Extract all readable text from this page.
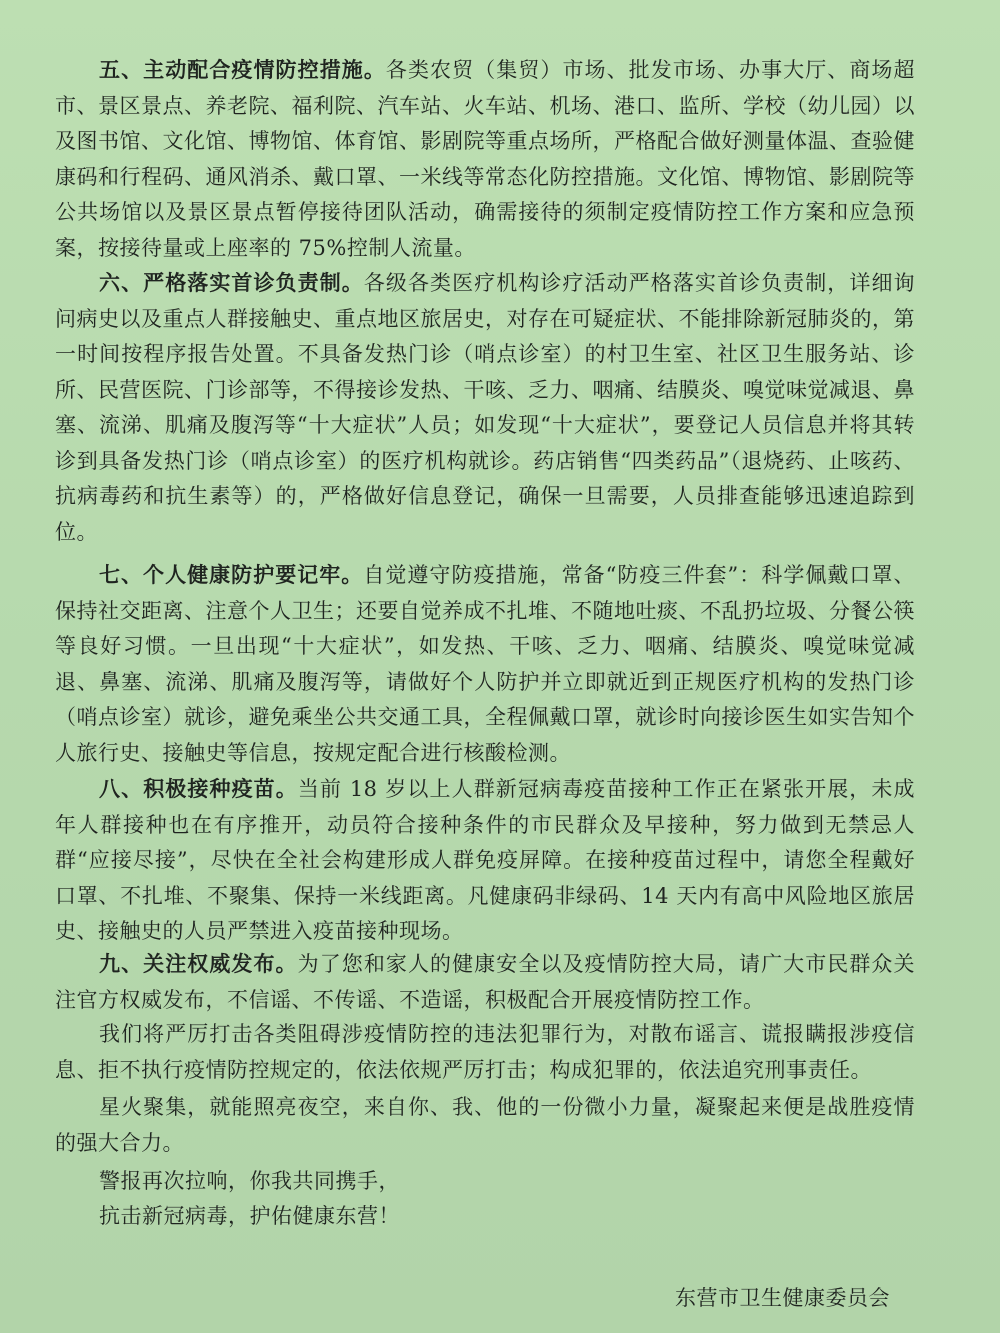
五、主动配合疫情防控措施。各类农贸（集贸）市场、批发市场、办事大厅、商场超市、景区景点、养老院、福利院、汽车站、火车站、机场、港口、监所、学校（幼儿园）以及图书馆、文化馆、博物馆、体育馆、影剧院等重点场所，严格配合做好测量体温、查验健康码和行程码、通风消杀、戴口罩、一米线等常态化防控措施。文化馆、博物馆、影剧院等公共场馆以及景区景点暂停接待团队活动，确需接待的须制定疫情防控工作方案和应急预案，按接待量或上座率的 75%控制人流量。

六、严格落实首诊负责制。各级各类医疗机构诊疗活动严格落实首诊负责制，详细询问病史以及重点人群接触史、重点地区旅居史，对存在可疑症状、不能排除新冠肺炎的，第一时间按程序报告处置。不具备发热门诊（哨点诊室）的村卫生室、社区卫生服务站、诊所、民营医院、门诊部等，不得接诊发热、干咳、乏力、咽痛、结膜炎、嗅觉味觉减退、鼻塞、流涕、肌痛及腹泻等“十大症状”人员；如发现“十大症状”，要登记人员信息并将其转诊到具备发热门诊（哨点诊室）的医疗机构就诊。药店销售“四类药品”（退烧药、止咳药、抗病毒药和抗生素等）的，严格做好信息登记，确保一旦需要，人员排查能够迅速追踪到位。

七、个人健康防护要记牢。自觉遵守防疫措施，常备“防疫三件套”：科学佩戴口罩、保持社交距离、注意个人卫生；还要自觉养成不扎堆、不随地吐痰、不乱扔垃圾、分餐公筷等良好习惯。一旦出现“十大症状”，如发热、干咳、乏力、咽痛、结膜炎、嗅觉味觉减退、鼻塞、流涕、肌痛及腹泻等，请做好个人防护并立即就近到正规医疗机构的发热门诊（哨点诊室）就诊，避免乘坐公共交通工具，全程佩戴口罩，就诊时向接诊医生如实告知个人旅行史、接触史等信息，按规定配合进行核酸检测。

八、积极接种疫苗。当前 18 岁以上人群新冠病毒疫苗接种工作正在紧张开展，未成年人群接种也在有序推开，动员符合接种条件的市民群众及早接种，努力做到无禁忌人群“应接尽接”，尽快在全社会构建形成人群免疫屏障。在接种疫苗过程中，请您全程戴好口罩、不扎堆、不聚集、保持一米线距离。凡健康码非绿码、14 天内有高中风险地区旅居史、接触史的人员严禁进入疫苗接种现场。

九、关注权威发布。为了您和家人的健康安全以及疫情防控大局，请广大市民群众关注官方权威发布，不信谣、不传谣、不造谣，积极配合开展疫情防控工作。

我们将严厉打击各类阻碍涉疫情防控的违法犯罪行为，对散布谣言、谎报瞒报涉疫信息、拒不执行疫情防控规定的，依法依规严厉打击；构成犯罪的，依法追究刑事责任。

星火聚集，就能照亮夜空，来自你、我、他的一份微小力量，凝聚起来便是战胜疫情的强大合力。

警报再次拉响，你我共同携手，

抗击新冠病毒，护佑健康东营！

东营市卫生健康委员会
